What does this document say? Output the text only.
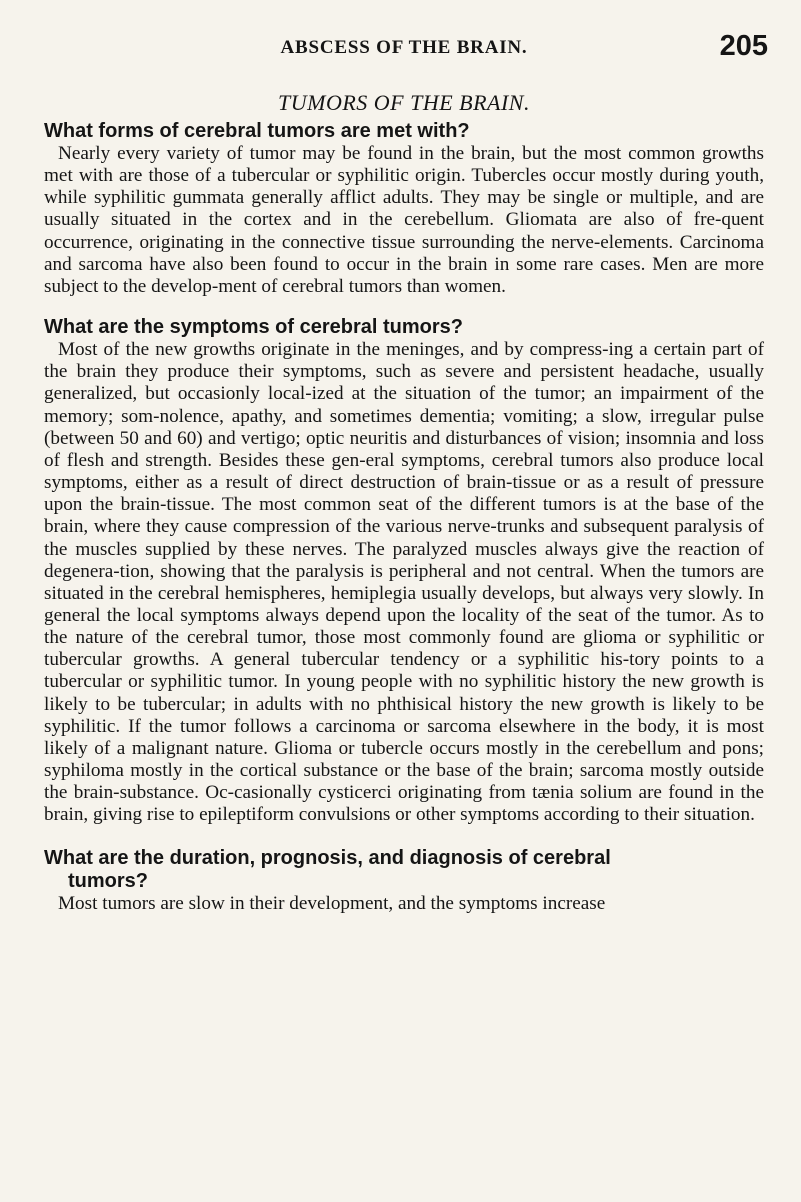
ABSCESS OF THE BRAIN.	205
TUMORS OF THE BRAIN.

What forms of cerebral tumors are met with?

Nearly every variety of tumor may be found in the brain, but the most common growths met with are those of a tubercular or syphilitic origin. Tubercles occur mostly during youth, while syphilitic gummata generally afflict adults. They may be single or multiple, and are usually situated in the cortex and in the cerebellum. Gliomata are also of fre-quent occurrence, originating in the connective tissue surrounding the nerve-elements. Carcinoma and sarcoma have also been found to occur in the brain in some rare cases. Men are more subject to the develop-ment of cerebral tumors than women.

What are the symptoms of cerebral tumors?

Most of the new growths originate in the meninges, and by compress-ing a certain part of the brain they produce their symptoms, such as severe and persistent headache, usually generalized, but occasionly local-ized at the situation of the tumor; an impairment of the memory; som-nolence, apathy, and sometimes dementia; vomiting; a slow, irregular pulse (between 50 and 60) and vertigo; optic neuritis and disturbances of vision; insomnia and loss of flesh and strength. Besides these gen-eral symptoms, cerebral tumors also produce local symptoms, either as a result of direct destruction of brain-tissue or as a result of pressure upon the brain-tissue. The most common seat of the different tumors is at the base of the brain, where they cause compression of the various nerve-trunks and subsequent paralysis of the muscles supplied by these nerves. The paralyzed muscles always give the reaction of degenera-tion, showing that the paralysis is peripheral and not central. When the tumors are situated in the cerebral hemispheres, hemiplegia usually develops, but always very slowly. In general the local symptoms always depend upon the locality of the seat of the tumor. As to the nature of the cerebral tumor, those most commonly found are glioma or syphilitic or tubercular growths. A general tubercular tendency or a syphilitic his-tory points to a tubercular or syphilitic tumor. In young people with no syphilitic history the new growth is likely to be tubercular; in adults with no phthisical history the new growth is likely to be syphilitic. If the tumor follows a carcinoma or sarcoma elsewhere in the body, it is most likely of a malignant nature. Glioma or tubercle occurs mostly in the cerebellum and pons; syphiloma mostly in the cortical substance or the base of the brain; sarcoma mostly outside the brain-substance. Oc-casionally cysticerci originating from tænia solium are found in the brain, giving rise to epileptiform convulsions or other symptoms according to their situation.

What are the duration, prognosis, and diagnosis of cerebral
tumors?

Most tumors are slow in their development, and the symptoms increase
